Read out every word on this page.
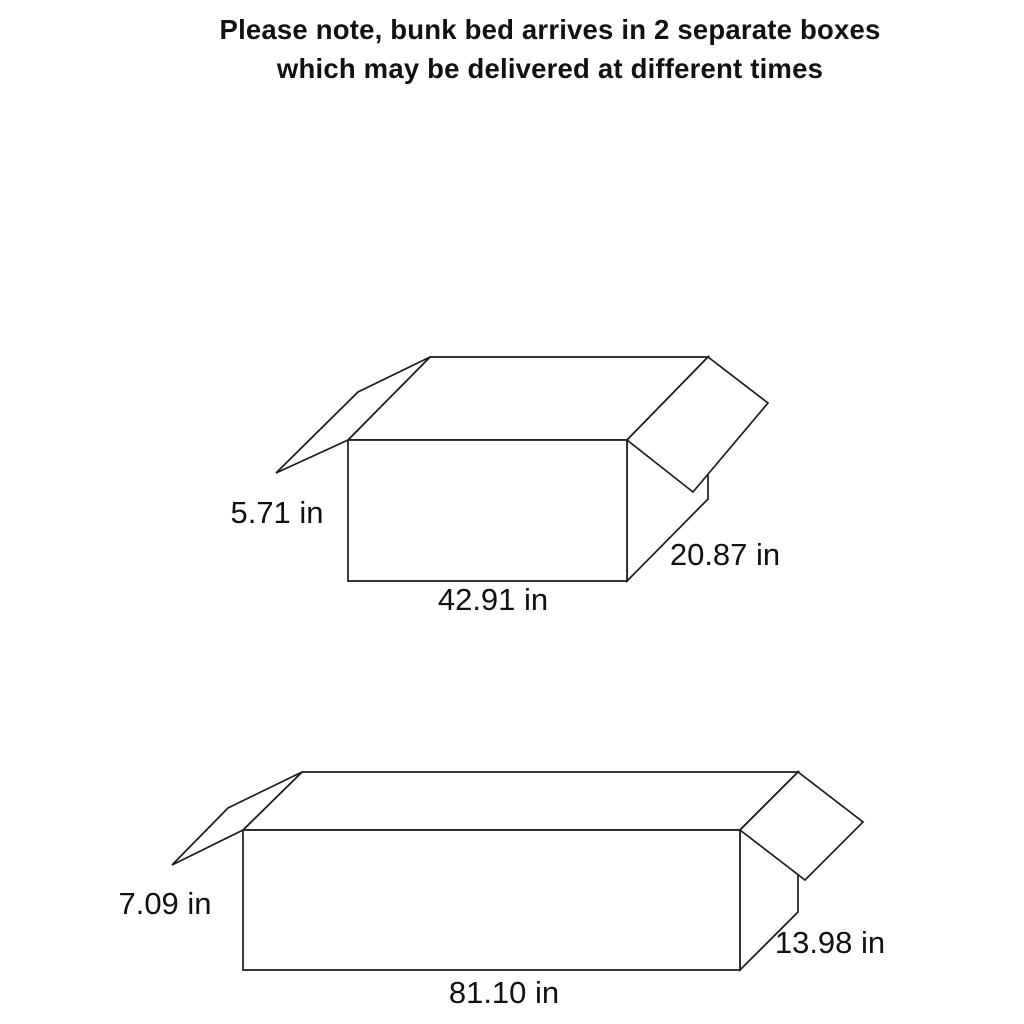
Please note, bunk bed arrives in 2 separate boxes
which may be delivered at different times
5.71 in
42.91 in
20.87 in
7.09 in
81.10 in
13.98 in
